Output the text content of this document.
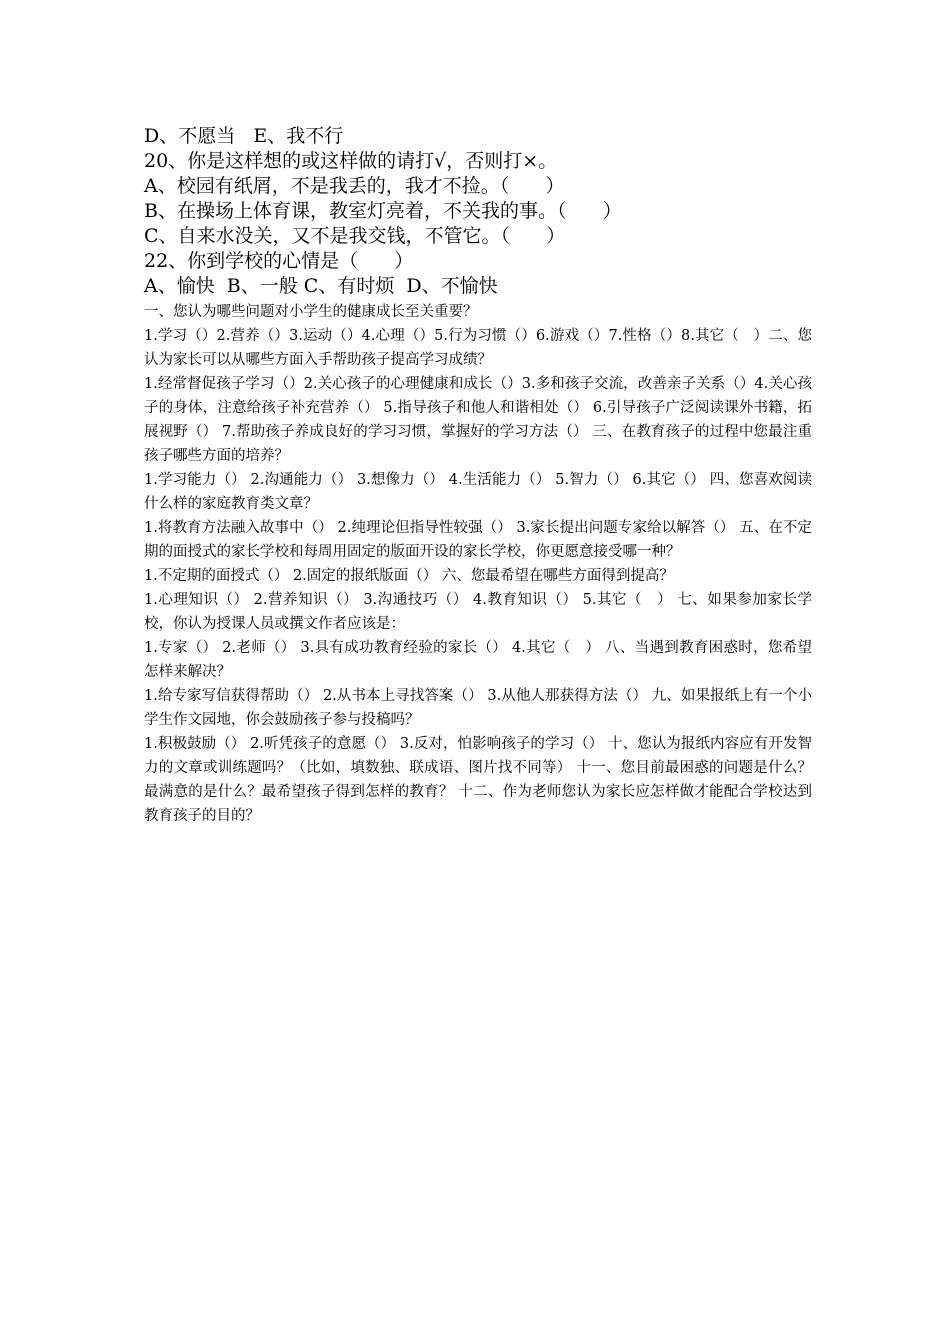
D、不愿当   E、我不行

20、你是这样想的或这样做的请打√，否则打×。

A、校园有纸屑，不是我丢的，我才不捡。（      ）

B、在操场上体育课，教室灯亮着，不关我的事。（      ）

C、自来水没关，又不是我交钱，不管它。（      ）

22、你到学校的心情是（      ）

A、愉快  B、一般 C、有时烦  D、不愉快

一、您认为哪些问题对小学生的健康成长至关重要？

1.学习（）2.营养（）3.运动（）4.心理（）5.行为习惯（）6.游戏（）7.性格（）8.其它（　）二、您认为家长可以从哪些方面入手帮助孩子提高学习成绩？

1.经常督促孩子学习（）2.关心孩子的心理健康和成长（）3.多和孩子交流，改善亲子关系（）4.关心孩子的身体，注意给孩子补充营养（） 5.指导孩子和他人和谐相处（） 6.引导孩子广泛阅读课外书籍，拓展视野（） 7.帮助孩子养成良好的学习习惯，掌握好的学习方法（） 三、在教育孩子的过程中您最注重孩子哪些方面的培养？

1.学习能力（） 2.沟通能力（） 3.想像力（） 4.生活能力（） 5.智力（） 6.其它（） 四、您喜欢阅读什么样的家庭教育类文章？

1.将教育方法融入故事中（） 2.纯理论但指导性较强（） 3.家长提出问题专家给以解答（） 五、在不定期的面授式的家长学校和每周用固定的版面开设的家长学校，你更愿意接受哪一种？

1.不定期的面授式（） 2.固定的报纸版面（） 六、您最希望在哪些方面得到提高？

1.心理知识（） 2.营养知识（） 3.沟通技巧（） 4.教育知识（） 5.其它（　） 七、如果参加家长学校，你认为授课人员或撰文作者应该是：

1.专家（） 2.老师（） 3.具有成功教育经验的家长（） 4.其它（　） 八、当遇到教育困惑时，您希望怎样来解决？

1.给专家写信获得帮助（） 2.从书本上寻找答案（） 3.从他人那获得方法（） 九、如果报纸上有一个小学生作文园地，你会鼓励孩子参与投稿吗？

1.积极鼓励（） 2.听凭孩子的意愿（） 3.反对，怕影响孩子的学习（） 十、您认为报纸内容应有开发智力的文章或训练题吗？（比如，填数独、联成语、图片找不同等） 十一、您目前最困惑的问题是什么？最满意的是什么？最希望孩子得到怎样的教育？ 十二、作为老师您认为家长应怎样做才能配合学校达到教育孩子的目的？
